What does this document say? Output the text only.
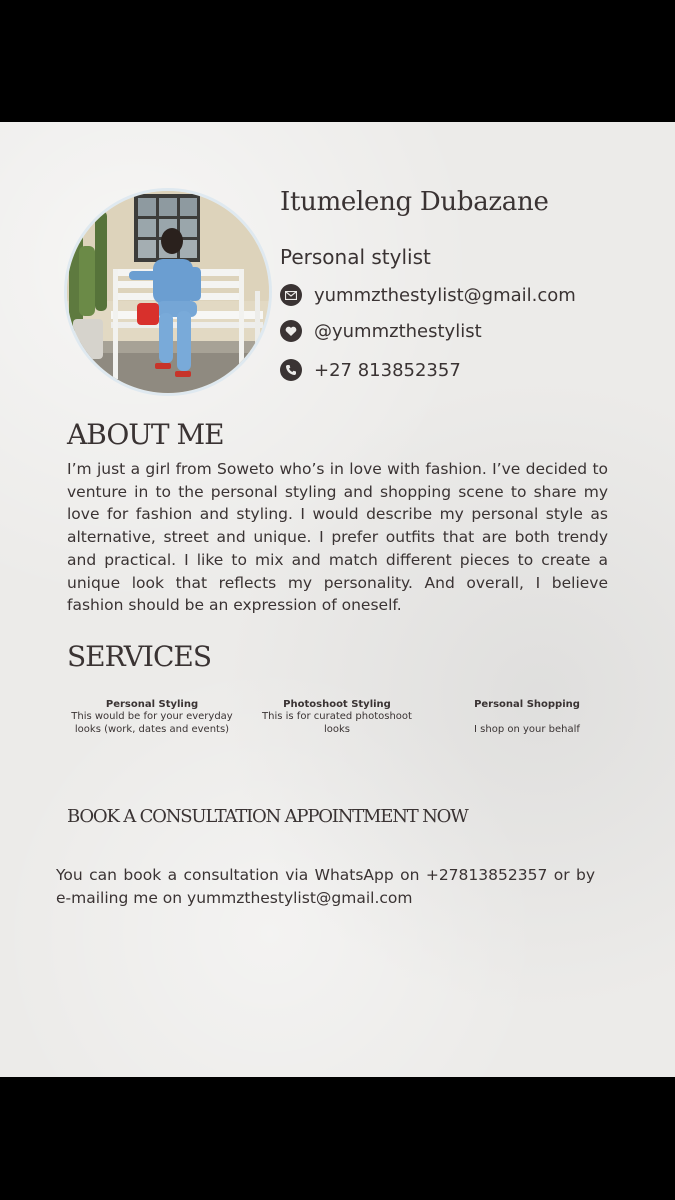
Itumeleng Dubazane
Personal stylist
yummzthestylist@gmail.com
@yummzthestylist
+27 813852357
ABOUT ME

I’m just a girl from Soweto who’s in love with fashion. I’ve decided to venture in to the personal styling and shopping scene to share my love for fashion and styling. I would describe my personal style as alternative, street and unique. I prefer outfits that are both trendy and practical. I like to mix and match different pieces to create a unique look that reflects my personality. And overall, I believe fashion should be an expression of oneself.

SERVICES
Personal Styling
This would be for your everyday looks (work, dates and events)
Photoshoot Styling
This is for curated photoshoot looks
Personal Shopping
I shop on your behalf
BOOK A CONSULTATION APPOINTMENT NOW

You can book a consultation via WhatsApp on +27813852357 or by e-mailing me on yummzthestylist@gmail.com
